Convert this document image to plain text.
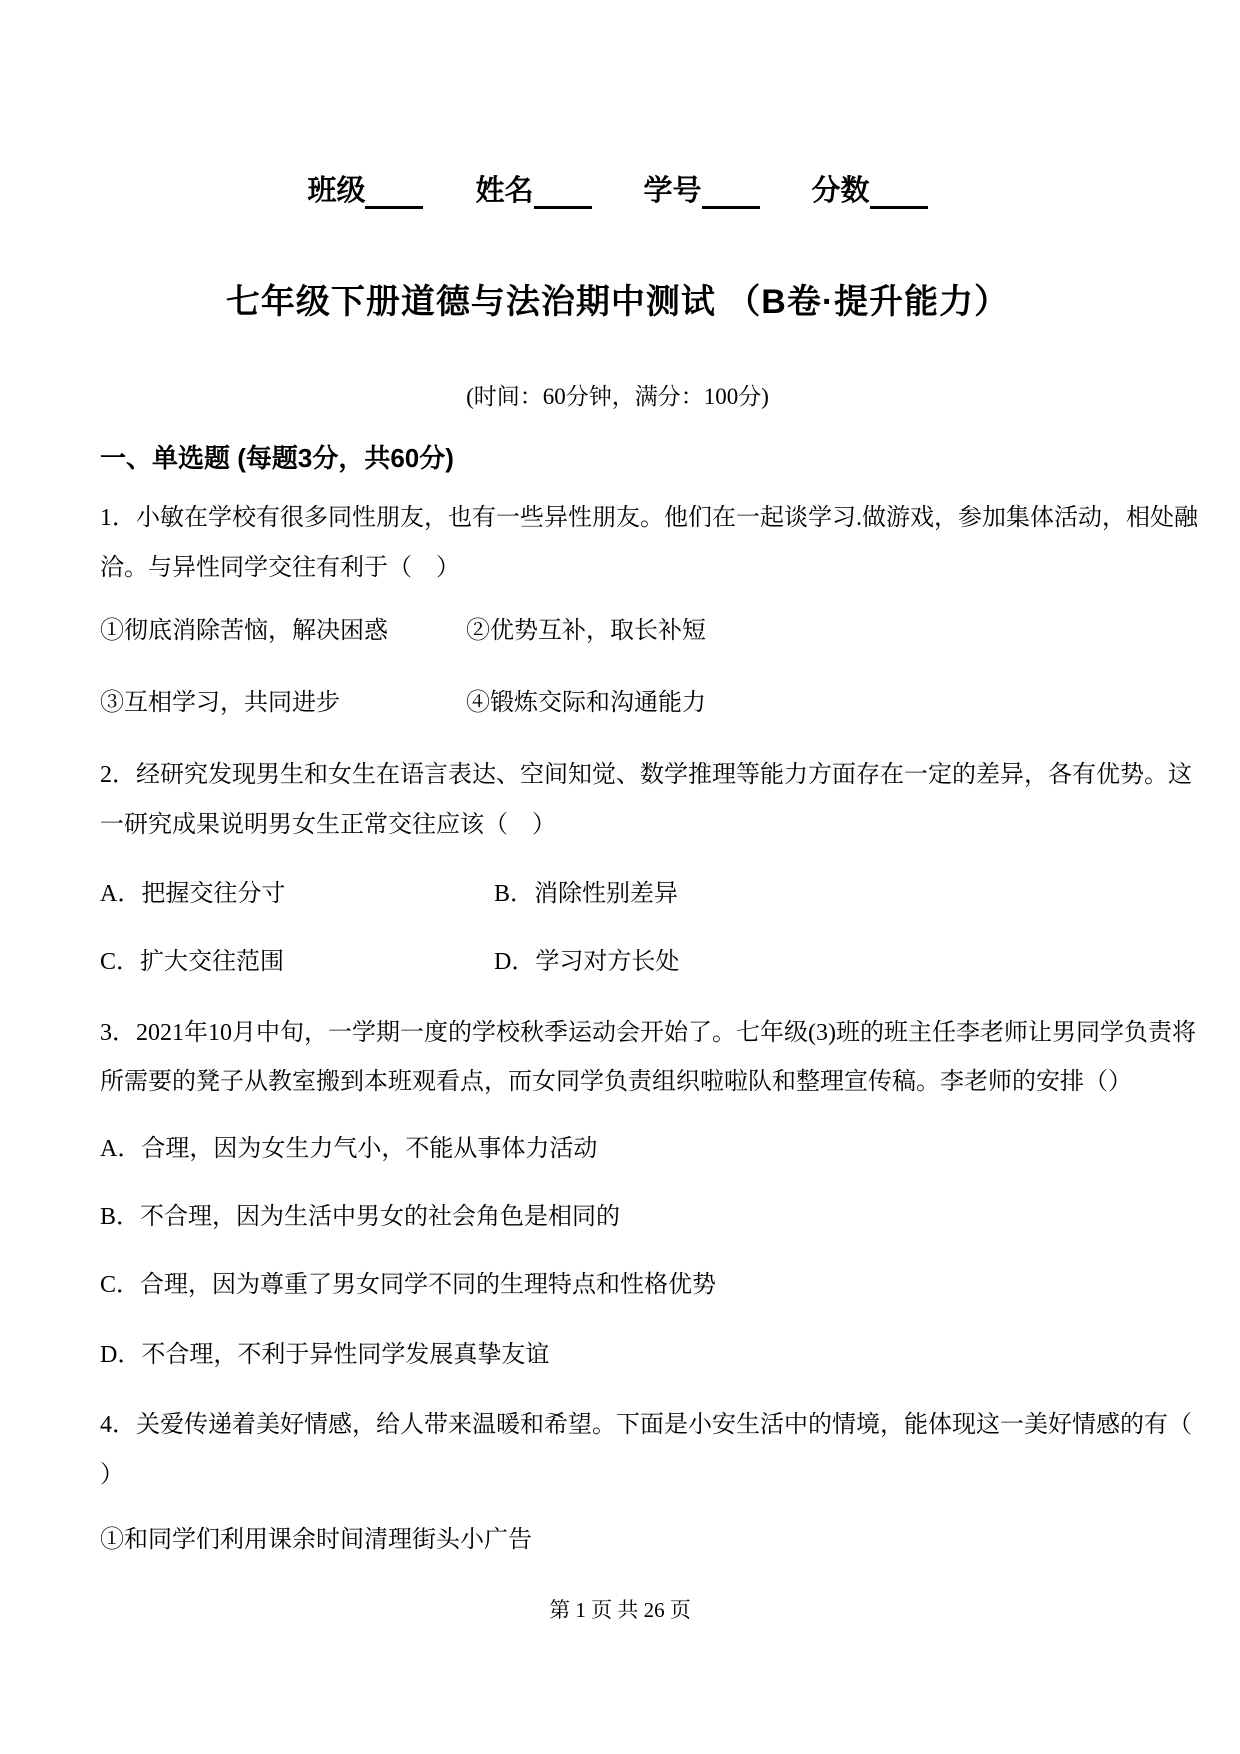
班级	姓名	学号	分数
七年级下册道德与法治期中测试 （B卷·提升能力）
(时间：60分钟，满分：100分)
一、单选题 (每题3分，共60分)
1．小敏在学校有很多同性朋友，也有一些异性朋友。他们在一起谈学习.做游戏，参加集体活动，相处融
洽。与异性同学交往有利于（　）
①彻底消除苦恼，解决困惑	②优势互补，取长补短
③互相学习，共同进步	④锻炼交际和沟通能力
2．经研究发现男生和女生在语言表达、空间知觉、数学推理等能力方面存在一定的差异，各有优势。这
一研究成果说明男女生正常交往应该（　）
A．把握交往分寸	B．消除性别差异
C．扩大交往范围	D．学习对方长处
3．2021年10月中旬，一学期一度的学校秋季运动会开始了。七年级(3)班的班主任李老师让男同学负责将
所需要的凳子从教室搬到本班观看点，而女同学负责组织啦啦队和整理宣传稿。李老师的安排（）
A．合理，因为女生力气小，不能从事体力活动
B．不合理，因为生活中男女的社会角色是相同的
C．合理，因为尊重了男女同学不同的生理特点和性格优势
D．不合理，不利于异性同学发展真挚友谊
4．关爱传递着美好情感，给人带来温暖和希望。下面是小安生活中的情境，能体现这一美好情感的有（
）
①和同学们利用课余时间清理街头小广告
第 1 页 共 26 页
